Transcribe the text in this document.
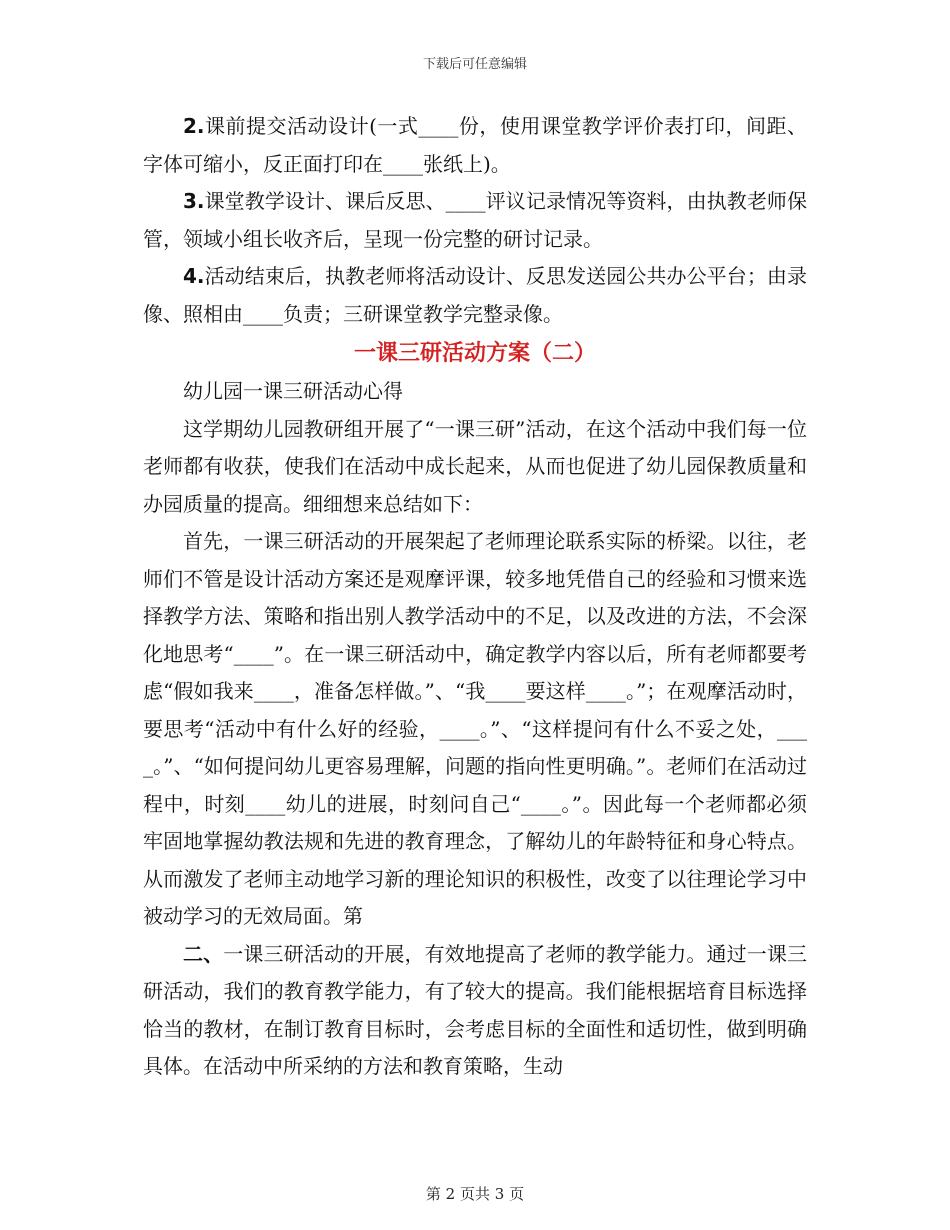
下载后可任意编辑

2.课前提交活动设计(一式____份，使用课堂教学评价表打印，间距、字体可缩小，反正面打印在____张纸上)。

3.课堂教学设计、课后反思、____评议记录情况等资料，由执教老师保管，领域小组长收齐后，呈现一份完整的研讨记录。

4.活动结束后，执教老师将活动设计、反思发送园公共办公平台；由录像、照相由____负责；三研课堂教学完整录像。

一课三研活动方案（二）

幼儿园一课三研活动心得

这学期幼儿园教研组开展了“一课三研”活动，在这个活动中我们每一位老师都有收获，使我们在活动中成长起来，从而也促进了幼儿园保教质量和办园质量的提高。细细想来总结如下：

首先，一课三研活动的开展架起了老师理论联系实际的桥梁。以往，老师们不管是设计活动方案还是观摩评课，较多地凭借自己的经验和习惯来选择教学方法、策略和指出别人教学活动中的不足，以及改进的方法，不会深化地思考“____”。在一课三研活动中，确定教学内容以后，所有老师都要考虑“假如我来____，准备怎样做。”、“我____要这样____。”；在观摩活动时，要思考“活动中有什么好的经验，____。”、“这样提问有什么不妥之处，____。”、“如何提问幼儿更容易理解，问题的指向性更明确。”。老师们在活动过程中，时刻____幼儿的进展，时刻问自己“____。”。因此每一个老师都必须牢固地掌握幼教法规和先进的教育理念，了解幼儿的年龄特征和身心特点。从而激发了老师主动地学习新的理论知识的积极性，改变了以往理论学习中被动学习的无效局面。第

二、一课三研活动的开展，有效地提高了老师的教学能力。通过一课三研活动，我们的教育教学能力，有了较大的提高。我们能根据培育目标选择恰当的教材，在制订教育目标时，会考虑目标的全面性和适切性，做到明确具体。在活动中所采纳的方法和教育策略，生动

第 2 页共 3 页
